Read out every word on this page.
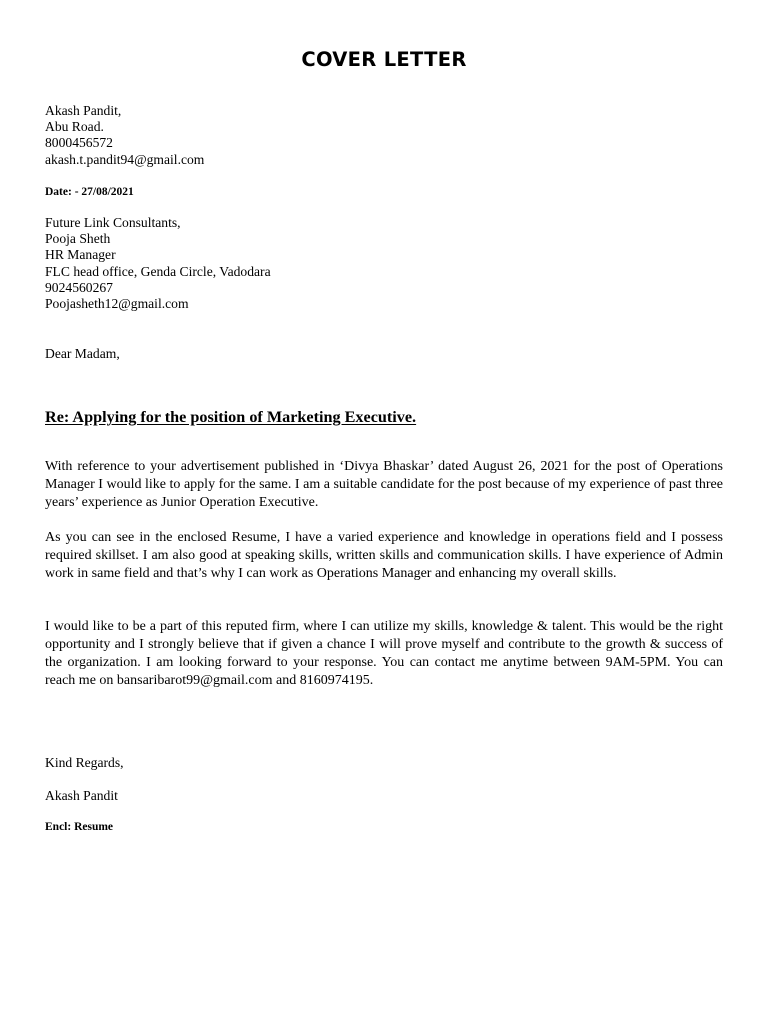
COVER LETTER
Akash Pandit,
Abu Road.
8000456572
akash.t.pandit94@gmail.com
Date: - 27/08/2021
Future Link Consultants,
Pooja Sheth
HR Manager
FLC head office, Genda Circle, Vadodara
9024560267
Poojasheth12@gmail.com
Dear Madam,
Re: Applying for the position of Marketing Executive.

With reference to your advertisement published in ‘Divya Bhaskar’ dated August 26, 2021 for the post of Operations Manager I would like to apply for the same. I am a suitable candidate for the post because of my experience of past three years’ experience as Junior Operation Executive.

As you can see in the enclosed Resume, I have a varied experience and knowledge in operations field and I possess required skillset. I am also good at speaking skills, written skills and communication skills. I have experience of Admin work in same field and that’s why I can work as Operations Manager and enhancing my overall skills.

I would like to be a part of this reputed firm, where I can utilize my skills, knowledge & talent. This would be the right opportunity and I strongly believe that if given a chance I will prove myself and contribute to the growth & success of the organization. I am looking forward to your response. You can contact me anytime between 9AM-5PM. You can reach me on bansaribarot99@gmail.com and 8160974195.

Kind Regards,
Akash Pandit
Encl: Resume
